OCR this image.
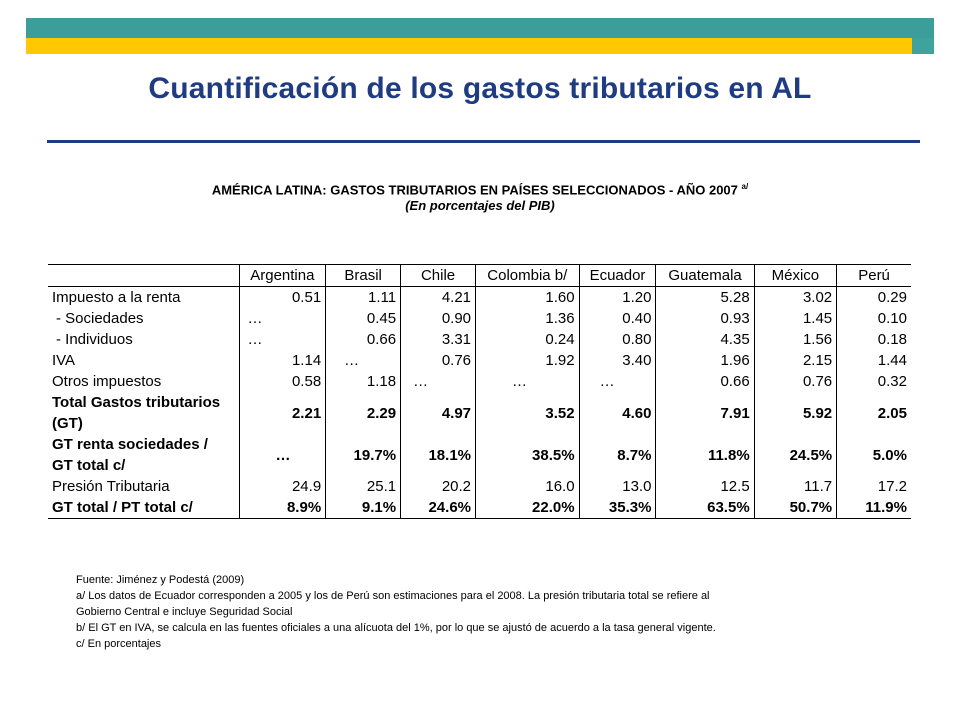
Cuantificación de los gastos tributarios en AL
AMÉRICA LATINA: GASTOS TRIBUTARIOS EN PAÍSES SELECCIONADOS - AÑO 2007 $^{a/}$
(En porcentajes del PIB)
	Argentina	Brasil	Chile	Colombia b/	Ecuador	Guatemala	México	Perú
Impuesto a la renta	0.51	1.11	4.21	1.60	1.20	5.28	3.02	0.29
- Sociedades	…	0.45	0.90	1.36	0.40	0.93	1.45	0.10
- Individuos	…	0.66	3.31	0.24	0.80	4.35	1.56	0.18
IVA	1.14	…	0.76	1.92	3.40	1.96	2.15	1.44
Otros impuestos	0.58	1.18	…	…	…	0.66	0.76	0.32

Total Gastos tributarios
(GT)	2.21	2.29	4.97	3.52	4.60	7.91	5.92	2.05

GT renta sociedades /
GT total c/	…	19.7%	18.1%	38.5%	8.7%	11.8%	24.5%	5.0%
Presión Tributaria	24.9	25.1	20.2	16.0	13.0	12.5	11.7	17.2
GT total / PT total c/	8.9%	9.1%	24.6%	22.0%	35.3%	63.5%	50.7%	11.9%
Fuente: Jiménez y Podestá (2009)
a/ Los datos de Ecuador corresponden a 2005 y los de Perú son estimaciones para el 2008. La presión tributaria total se refiere al
Gobierno Central e incluye Seguridad Social
b/ El GT en IVA, se calcula en las fuentes oficiales a una alícuota del 1%, por lo que se ajustó de acuerdo a la tasa general vigente.
c/ En porcentajes
